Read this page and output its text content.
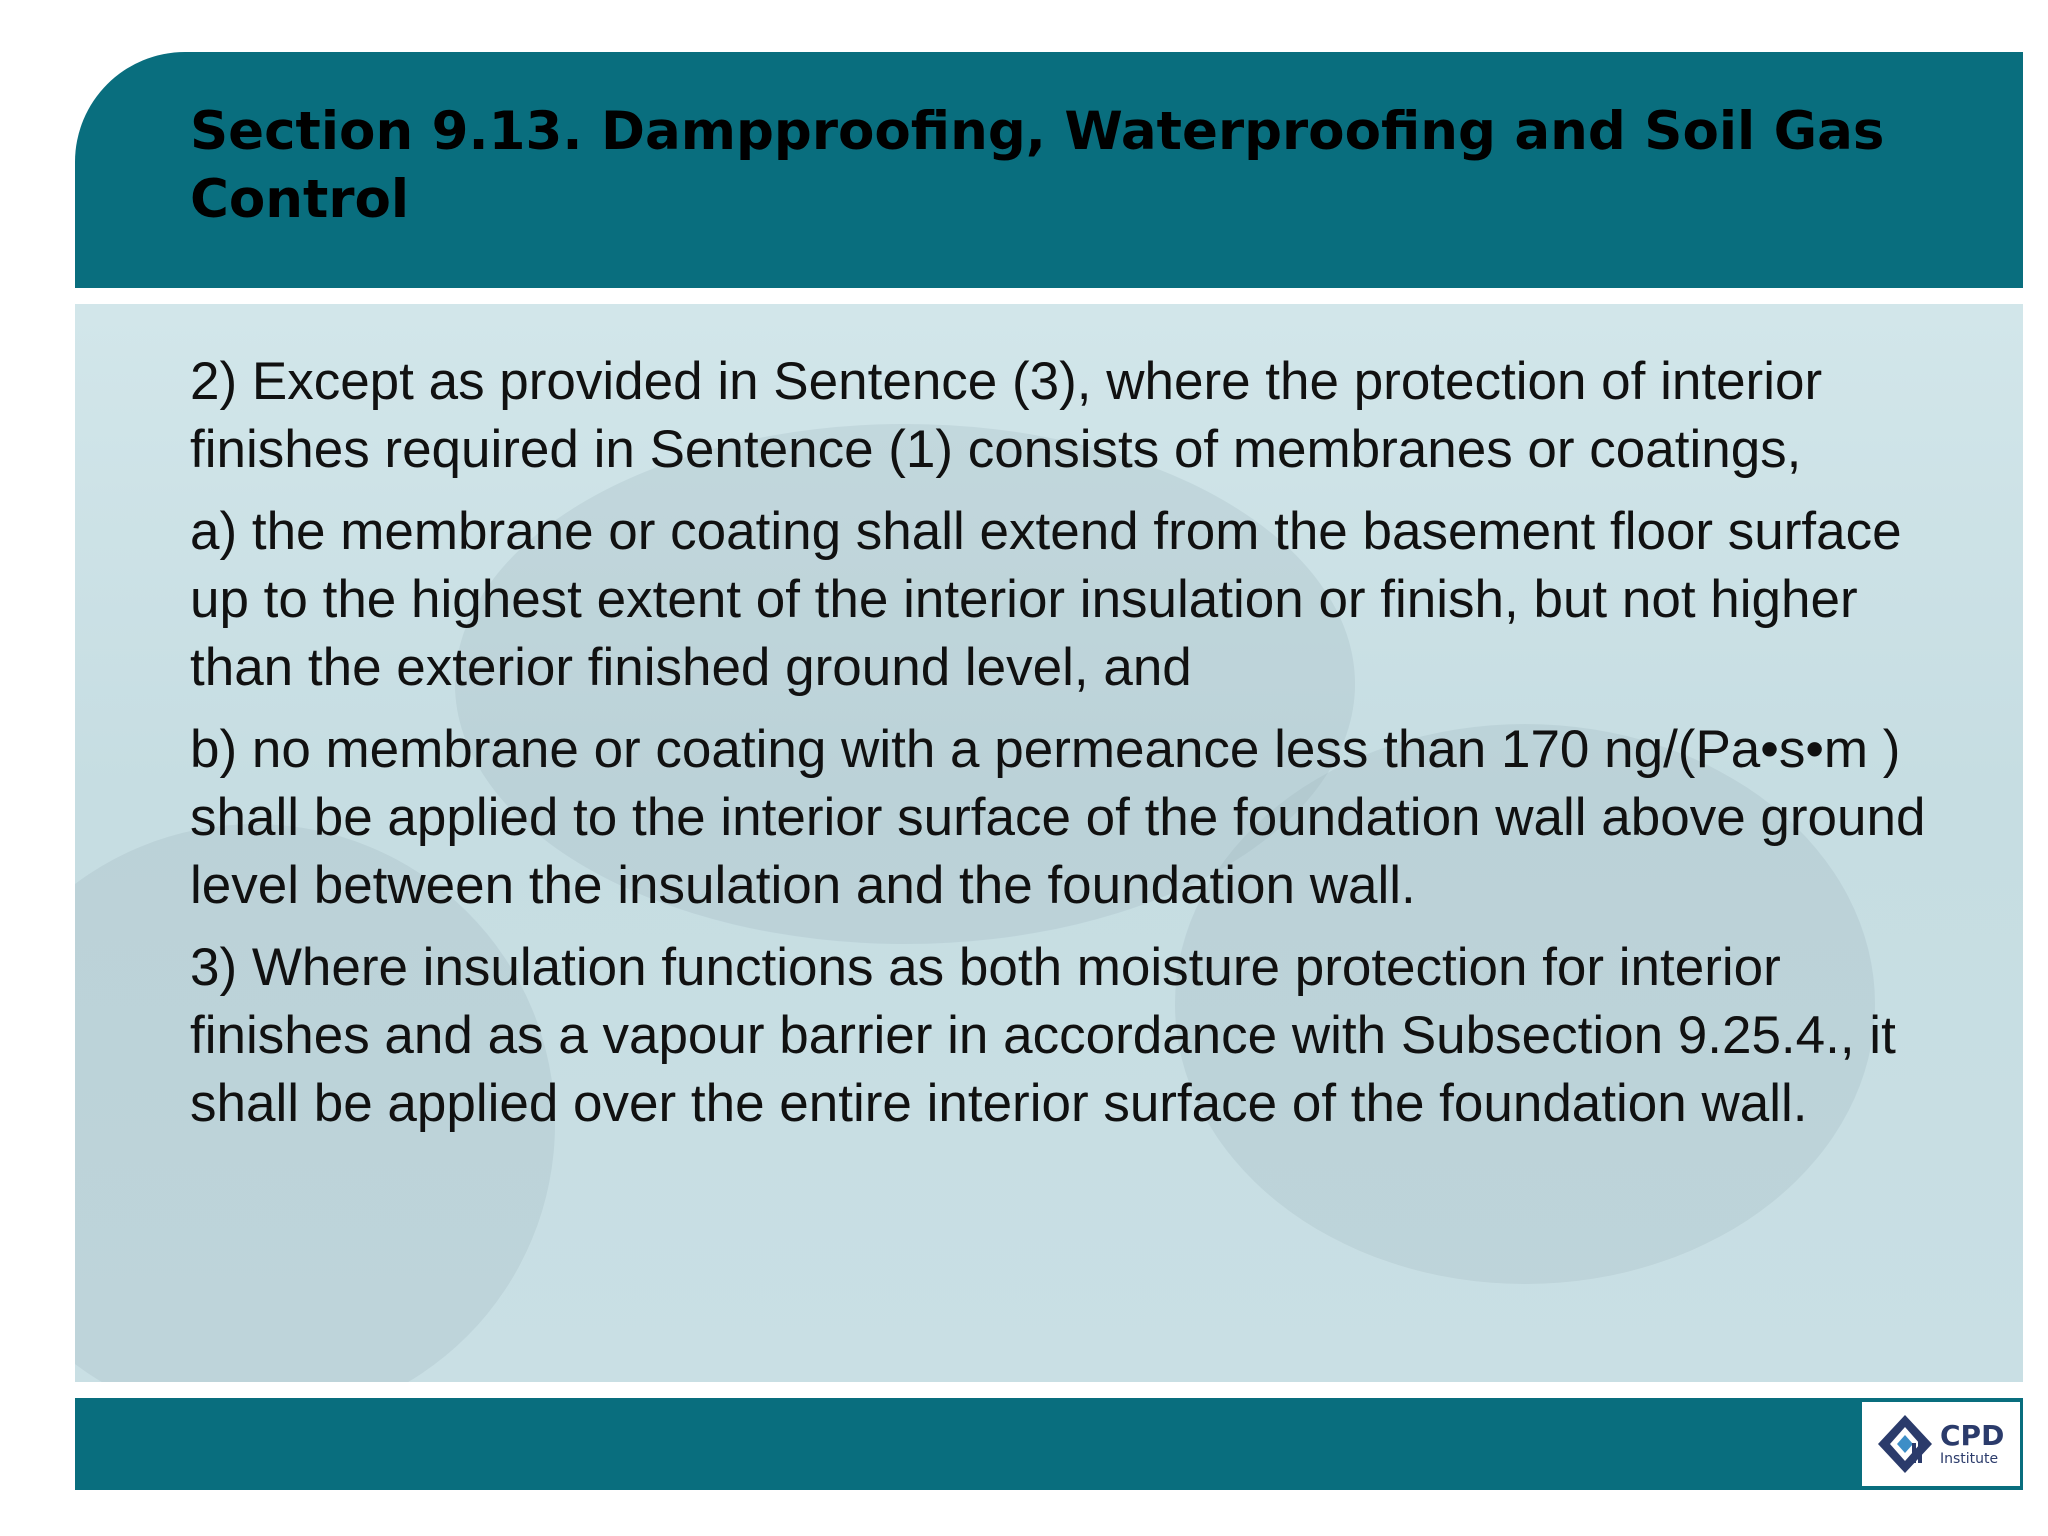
Section 9.13. Dampproofing, Waterproofing and Soil Gas Control

2) Except as provided in Sentence (3), where the protection of interior finishes required in Sentence (1) consists of membranes or coatings,

a) the membrane or coating shall extend from the basement floor surface up to the highest extent of the interior insulation or finish, but not higher than the exterior finished ground level, and

b) no membrane or coating with a permeance less than 170 ng/(Pa•s•m ) shall be applied to the interior surface of the foundation wall above ground level between the insulation and the foundation wall.

3) Where insulation functions as both moisture protection for interior finishes and as a vapour barrier in accordance with Subsection 9.25.4., it shall be applied over the entire interior surface of the foundation wall.

CPD
Institute
